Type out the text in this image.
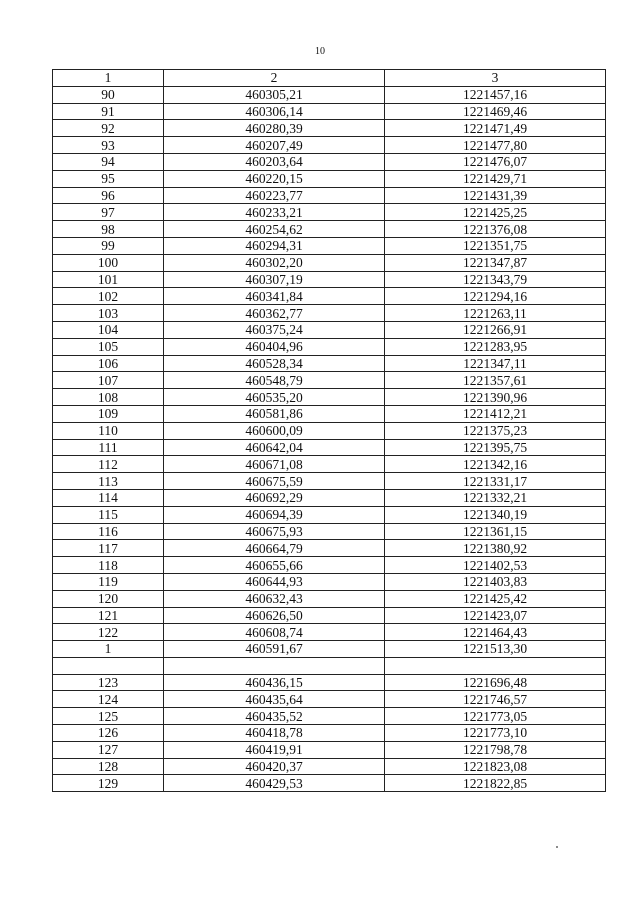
10
1	2	3
90	460305,21	1221457,16
91	460306,14	1221469,46
92	460280,39	1221471,49
93	460207,49	1221477,80
94	460203,64	1221476,07
95	460220,15	1221429,71
96	460223,77	1221431,39
97	460233,21	1221425,25
98	460254,62	1221376,08
99	460294,31	1221351,75
100	460302,20	1221347,87
101	460307,19	1221343,79
102	460341,84	1221294,16
103	460362,77	1221263,11
104	460375,24	1221266,91
105	460404,96	1221283,95
106	460528,34	1221347,11
107	460548,79	1221357,61
108	460535,20	1221390,96
109	460581,86	1221412,21
110	460600,09	1221375,23
111	460642,04	1221395,75
112	460671,08	1221342,16
113	460675,59	1221331,17
114	460692,29	1221332,21
115	460694,39	1221340,19
116	460675,93	1221361,15
117	460664,79	1221380,92
118	460655,66	1221402,53
119	460644,93	1221403,83
120	460632,43	1221425,42
121	460626,50	1221423,07
122	460608,74	1221464,43
1	460591,67	1221513,30

123	460436,15	1221696,48
124	460435,64	1221746,57
125	460435,52	1221773,05
126	460418,78	1221773,10
127	460419,91	1221798,78
128	460420,37	1221823,08
129	460429,53	1221822,85
